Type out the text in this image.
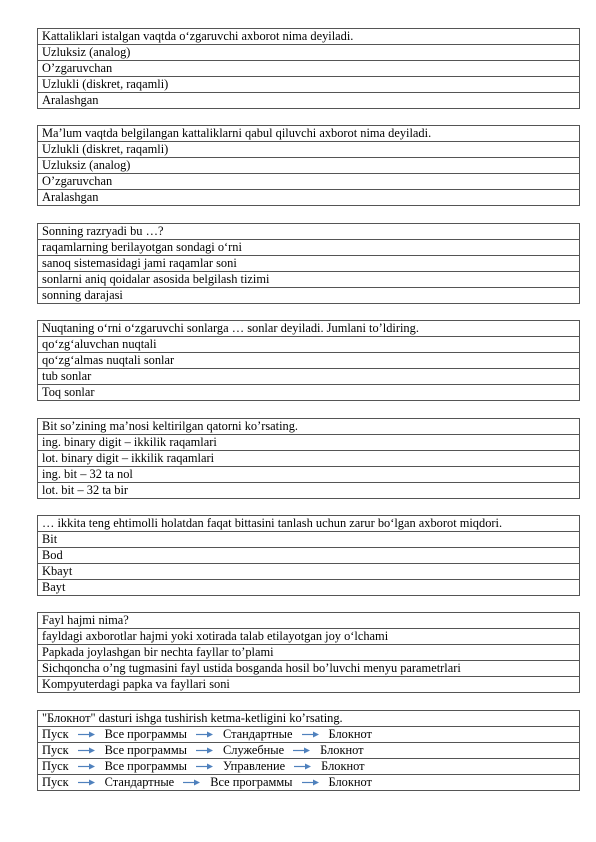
Kattaliklari istalgan vaqtda o‘zgaruvchi axborot nima deyiladi.
Uzluksiz (analog)
O’zgaruvchan
Uzlukli (diskret, raqamli)
Aralashgan
Ma’lum vaqtda belgilangan kattaliklarni qabul qiluvchi axborot nima deyiladi.
Uzlukli (diskret, raqamli)
Uzluksiz (analog)
O’zgaruvchan
Aralashgan
Sonning razryadi bu …?
raqamlarning berilayotgan sondagi o‘rni
sanoq sistemasidagi jami raqamlar soni
sonlarni aniq qoidalar asosida belgilash tizimi
sonning darajasi
Nuqtaning o‘rni o‘zgaruvchi sonlarga … sonlar deyiladi. Jumlani to’ldiring.
qo‘zg‘aluvchan nuqtali
qo‘zg‘almas nuqtali sonlar
tub sonlar
Toq sonlar
Bit so’zining ma’nosi keltirilgan qatorni ko’rsating.
ing. binary digit – ikkilik raqamlari
lot. binary digit – ikkilik raqamlari
ing. bit – 32 ta nol
lot. bit – 32 ta bir
… ikkita teng ehtimolli holatdan faqat bittasini tanlash uchun zarur bo‘lgan axborot miqdori.
Bit
Bod
Kbayt
Bayt
Fayl hajmi nima?
fayldagi axborotlar hajmi yoki xotirada talab etilayotgan joy o‘lchami
Papkada joylashgan bir nechta fayllar to’plami
Sichqoncha o’ng tugmasini fayl ustida bosganda hosil bo’luvchi menyu parametrlari
Kompyuterdagi papka va fayllari soni
"Блокнот" dasturi ishga tushirish ketma-ketligini ko’rsating.

Пуск	Все программы	Стандартные	Блокнот

Пуск	Все программы	Служебные	Блокнот

Пуск	Все программы	Управление	Блокнот

Пуск	Стандартные	Все программы	Блокнот
